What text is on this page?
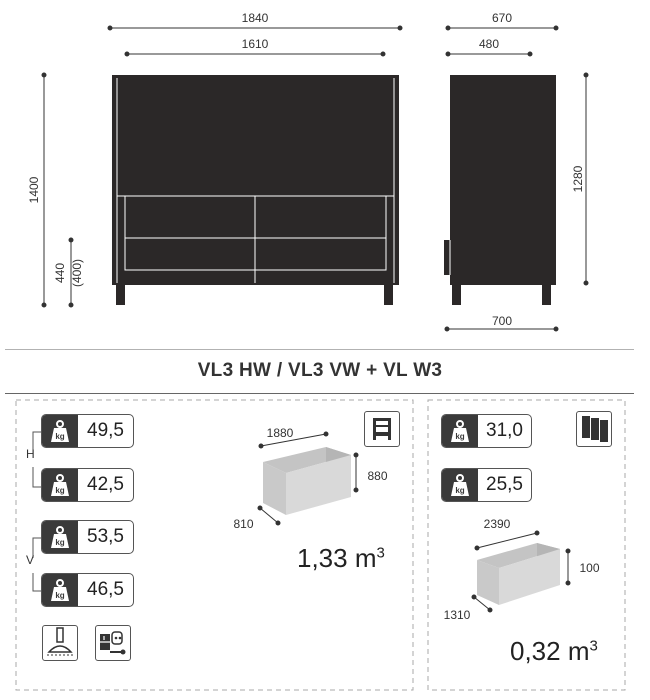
1840
1610
1400
440 (400)
670
480
1280
700
VL3 HW / VL3 VW + VL W3
H
V
kg	49,5
kg	42,5
kg	53,5
kg	46,5
1880
880
810
1,33 $m^3$
kg	31,0
kg	25,5
2390
100
1310
0,32 $m^3$
